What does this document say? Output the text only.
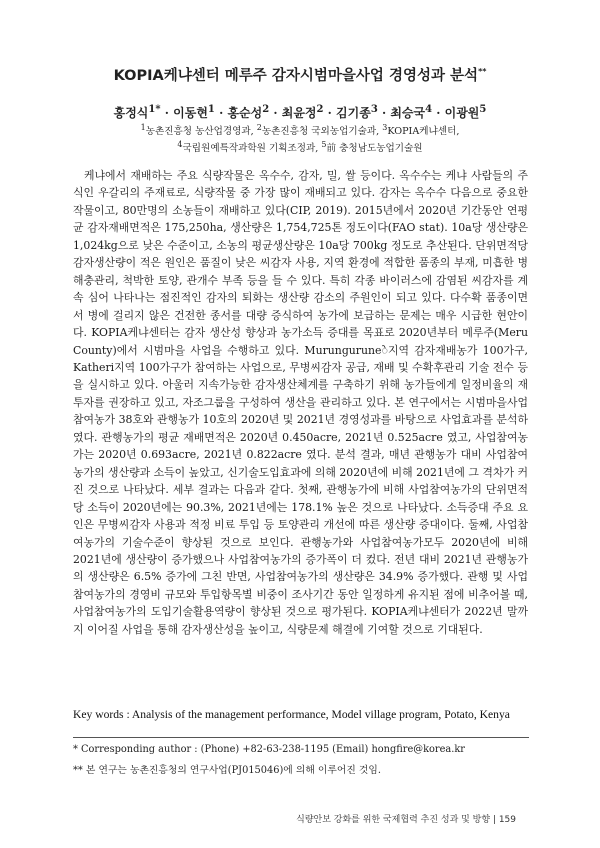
KOPIA케냐센터 메루주 감자시범마을사업 경영성과 분석**
홍정식$^{1*}$ · 이동현$^1$ · 홍순성$^2$ · 최윤정$^2$ · 김기종$^3$ · 최승국$^4$ · 이광원$^5$
$^1$농촌진흥청 농산업경영과, $^2$농촌진흥청 국외농업기술과, $^3$KOPIA케냐센터,
$^4$국립원예특작과학원 기획조정과, $^5$前 충청남도농업기술원

케냐에서 재배하는 주요 식량작물은 옥수수, 감자, 밀, 쌀 등이다. 옥수수는 케냐 사람들의 주식인 우갈리의 주재료로, 식량작물 중 가장 많이 재배되고 있다. 감자는 옥수수 다음으로 중요한 작물이고, 80만명의 소농들이 재배하고 있다(CIP, 2019). 2015년에서 2020년 기간동안 연평균 감자재배면적은 175,250ha, 생산량은 1,754,725톤 정도이다(FAO stat). 10a당 생산량은 1,024kg으로 낮은 수준이고, 소농의 평균생산량은 10a당 700kg 정도로 추산된다. 단위면적당 감자생산량이 적은 원인은 품질이 낮은 씨감자 사용, 지역 환경에 적합한 품종의 부재, 미흡한 병해충관리, 척박한 토양, 관개수 부족 등을 들 수 있다. 특히 각종 바이러스에 감염된 씨감자를 계속 심어 나타나는 점진적인 감자의 퇴화는 생산량 감소의 주원인이 되고 있다. 다수확 품종이면서 병에 걸리지 않은 건전한 종서를 대량 증식하여 농가에 보급하는 문제는 매우 시급한 현안이다. KOPIA케냐센터는 감자 생산성 향상과 농가소득 증대를 목표로 2020년부터 메루주(Meru County)에서 시범마을 사업을 수행하고 있다. Murunguruneे지역 감자재배농가 100가구, Katheri지역 100가구가 참여하는 사업으로, 무병씨감자 공급, 재배 및 수확후관리 기술 전수 등을 실시하고 있다. 아울러 지속가능한 감자생산체계를 구축하기 위해 농가들에게 일정비율의 재투자를 권장하고 있고, 자조그룹을 구성하여 생산을 관리하고 있다. 본 연구에서는 시범마을사업 참여농가 38호와 관행농가 10호의 2020년 및 2021년 경영성과를 바탕으로 사업효과를 분석하였다. 관행농가의 평균 재배면적은 2020년 0.450acre, 2021년 0.525acre 였고, 사업참여농가는 2020년 0.693acre, 2021년 0.822acre 였다. 분석 결과, 매년 관행농가 대비 사업참여 농가의 생산량과 소득이 높았고, 신기술도입효과에 의해 2020년에 비해 2021년에 그 격차가 커진 것으로 나타났다. 세부 결과는 다음과 같다. 첫째, 관행농가에 비해 사업참여농가의 단위면적당 소득이 2020년에는 90.3%, 2021년에는 178.1% 높은 것으로 나타났다. 소득증대 주요 요인은 무병씨감자 사용과 적정 비료 투입 등 토양관리 개선에 따른 생산량 증대이다. 둘째, 사업참여농가의 기술수준이 향상된 것으로 보인다. 관행농가와 사업참여농가모두 2020년에 비해 2021년에 생산량이 증가했으나 사업참여농가의 증가폭이 더 컸다. 전년 대비 2021년 관행농가의 생산량은 6.5% 증가에 그친 반면, 사업참여농가의 생산량은 34.9% 증가했다. 관행 및 사업참여농가의 경영비 규모와 투입항목별 비중이 조사기간 동안 일정하게 유지된 점에 비추어볼 때, 사업참여농가의 도입기술활용역량이 향상된 것으로 평가된다. KOPIA케냐센터가 2022년 말까지 이어질 사업을 통해 감자생산성을 높이고, 식량문제 해결에 기여할 것으로 기대된다.

Key words : Analysis of the management performance, Model village program, Potato, Kenya
* Corresponding author : (Phone) +82-63-238-1195 (Email) hongfire@korea.kr
** 본 연구는 농촌진흥청의 연구사업(PJ015046)에 의해 이루어진 것임.
식량안보 강화를 위한 국제협력 추진 성과 및 방향 | 159
